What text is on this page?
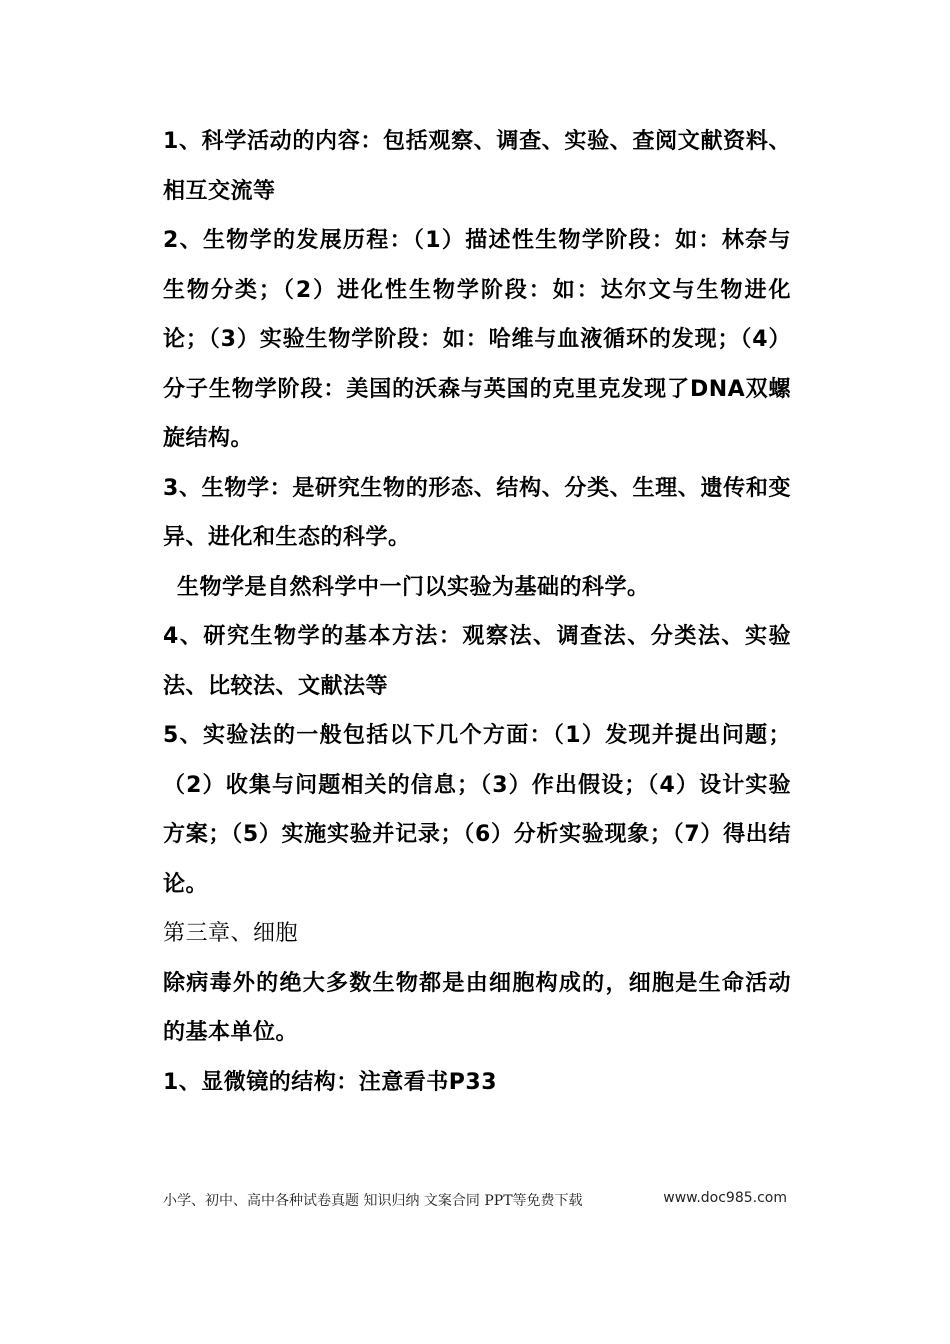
1、科学活动的内容：包括观察、调查、实验、查阅文献资料、相互交流等

2、生物学的发展历程：（1）描述性生物学阶段：如：林奈与生物分类；（2）进化性生物学阶段：如：达尔文与生物进化论；（3）实验生物学阶段：如：哈维与血液循环的发现；（4）分子生物学阶段：美国的沃森与英国的克里克发现了DNA双螺旋结构。

3、生物学：是研究生物的形态、结构、分类、生理、遗传和变异、进化和生态的科学。

生物学是自然科学中一门以实验为基础的科学。

4、研究生物学的基本方法：观察法、调查法、分类法、实验法、比较法、文献法等

5、实验法的一般包括以下几个方面：（1）发现并提出问题；（2）收集与问题相关的信息；（3）作出假设；（4）设计实验方案；（5）实施实验并记录；（6）分析实验现象；（7）得出结论。

第三章、细胞

除病毒外的绝大多数生物都是由细胞构成的，细胞是生命活动的基本单位。

1、显微镜的结构：注意看书P33

小学、初中、高中各种试卷真题 知识归纳 文案合同 PPT等免费下载	www.doc985.com
